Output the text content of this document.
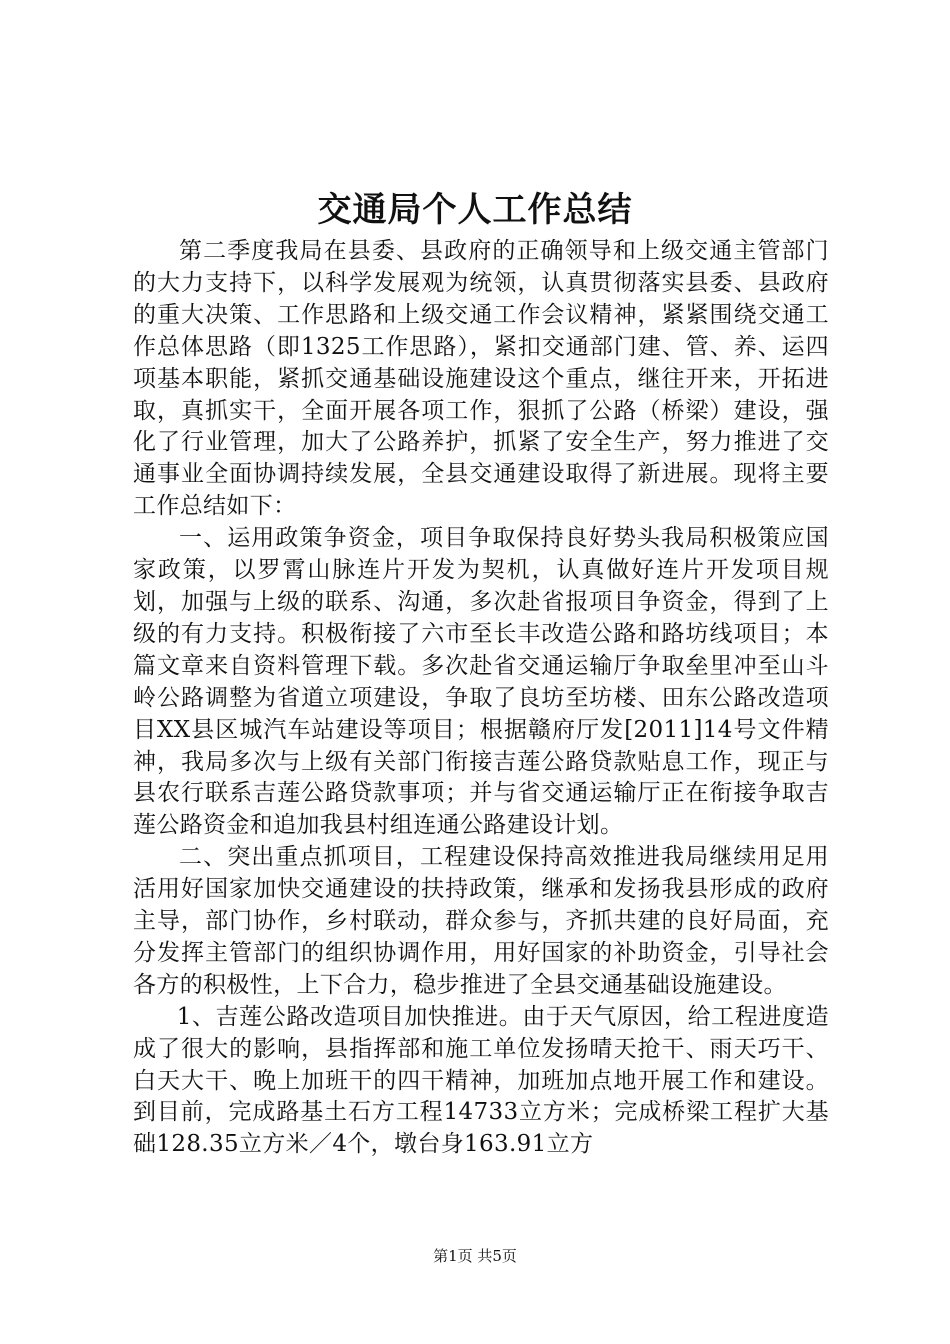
交通局个人工作总结

第二季度我局在县委、县政府的正确领导和上级交通主管部门的大力支持下，以科学发展观为统领，认真贯彻落实县委、县政府的重大决策、工作思路和上级交通工作会议精神，紧紧围绕交通工作总体思路（即1325工作思路），紧扣交通部门建、管、养、运四项基本职能，紧抓交通基础设施建设这个重点，继往开来，开拓进取，真抓实干，全面开展各项工作，狠抓了公路（桥梁）建设，强化了行业管理，加大了公路养护，抓紧了安全生产，努力推进了交通事业全面协调持续发展，全县交通建设取得了新进展。现将主要工作总结如下：

一、运用政策争资金，项目争取保持良好势头我局积极策应国家政策，以罗霄山脉连片开发为契机，认真做好连片开发项目规划，加强与上级的联系、沟通，多次赴省报项目争资金，得到了上级的有力支持。积极衔接了六市至长丰改造公路和路坊线项目；本篇文章来自资料管理下载。多次赴省交通运输厅争取垒里冲至山斗岭公路调整为省道立项建设，争取了良坊至坊楼、田东公路改造项目XX县区城汽车站建设等项目；根据赣府厅发[2011]14号文件精神，我局多次与上级有关部门衔接吉莲公路贷款贴息工作，现正与县农行联系吉莲公路贷款事项；并与省交通运输厅正在衔接争取吉莲公路资金和追加我县村组连通公路建设计划。

二、突出重点抓项目，工程建设保持高效推进我局继续用足用活用好国家加快交通建设的扶持政策，继承和发扬我县形成的政府主导，部门协作，乡村联动，群众参与，齐抓共建的良好局面，充分发挥主管部门的组织协调作用，用好国家的补助资金，引导社会各方的积极性，上下合力，稳步推进了全县交通基础设施建设。

1、吉莲公路改造项目加快推进。由于天气原因，给工程进度造成了很大的影响，县指挥部和施工单位发扬晴天抢干、雨天巧干、白天大干、晚上加班干的四干精神，加班加点地开展工作和建设。到目前，完成路基土石方工程14733立方米；完成桥梁工程扩大基础128.35立方米／4个，墩台身163.91立方

第1页 共5页
